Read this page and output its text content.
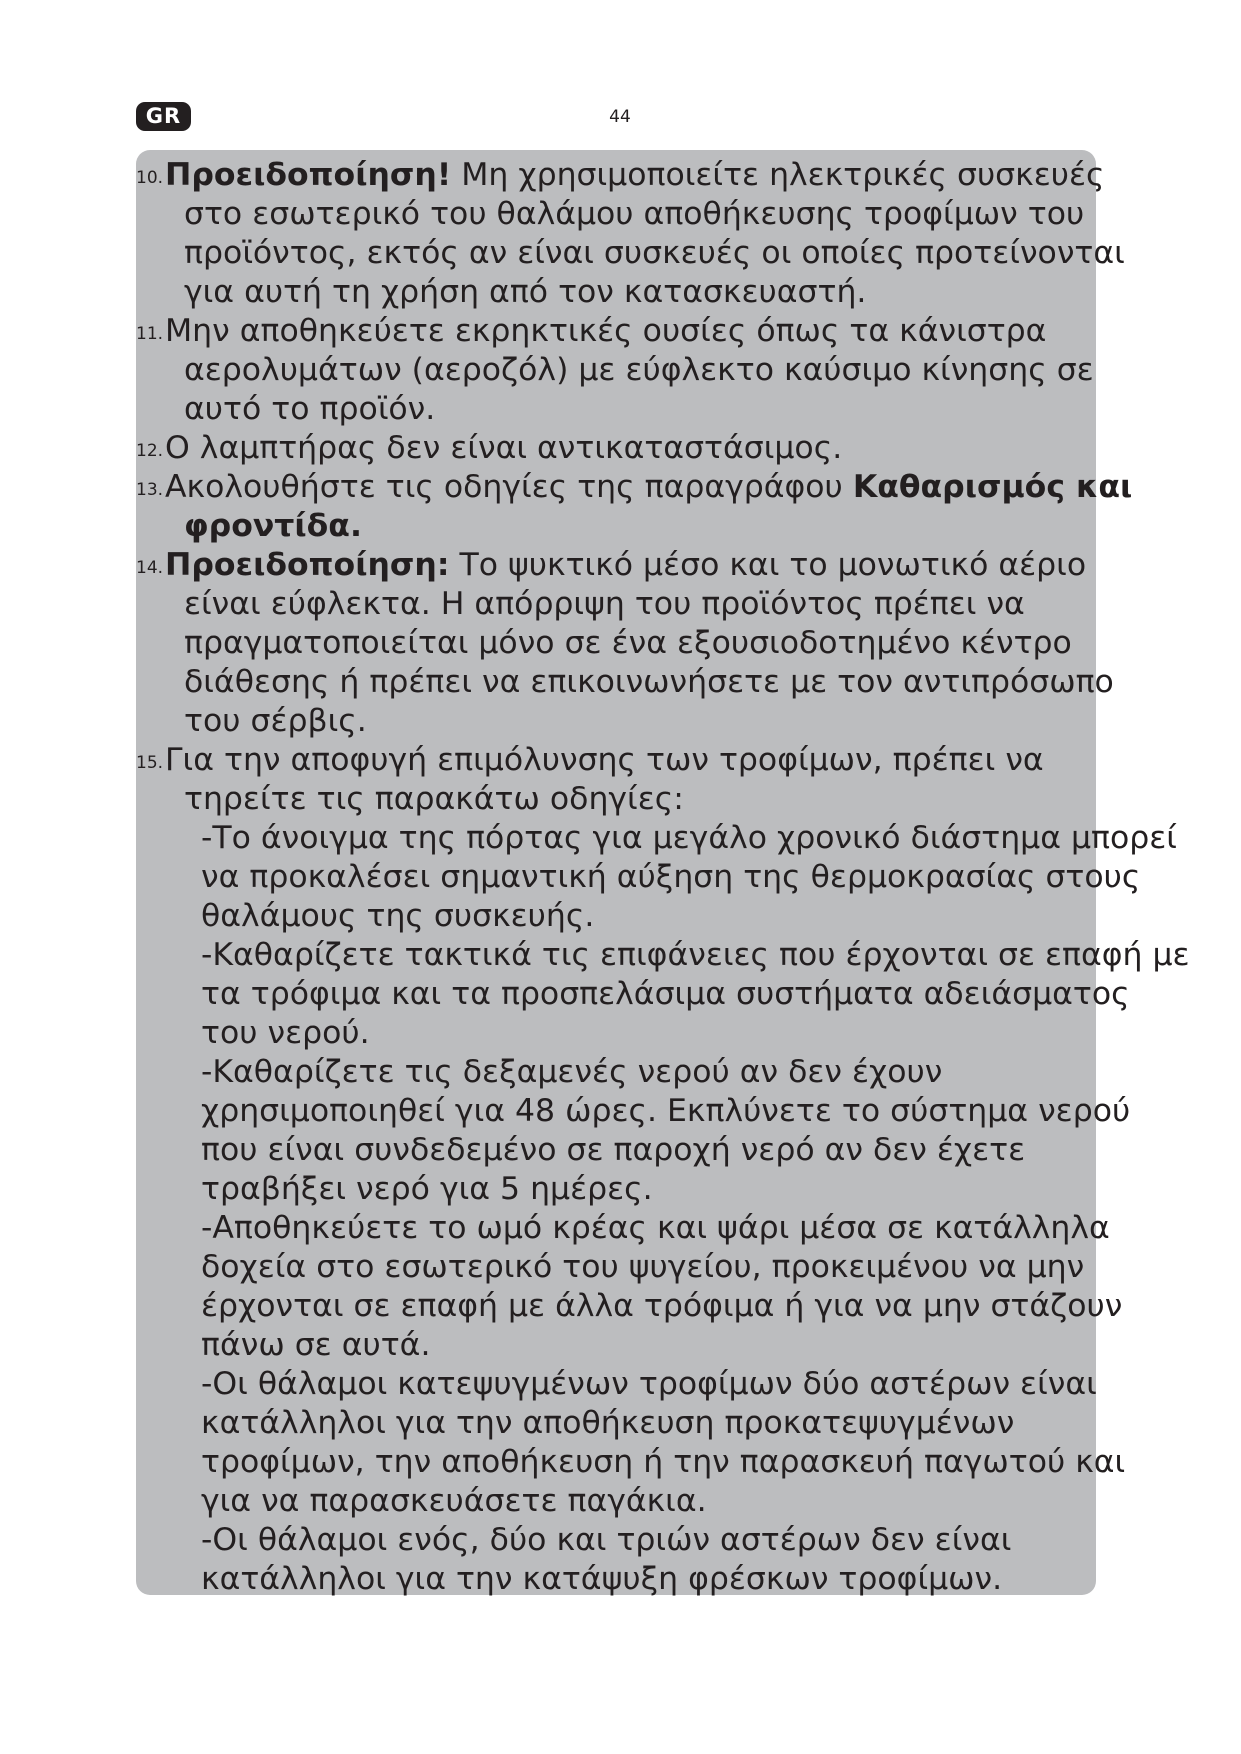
GR	44
10. Προειδοποίηση! Μη χρησιμοποιείτε ηλεκτρικές συσκευές
στο εσωτερικό του θαλάμου αποθήκευσης τροφίμων του
προϊόντος, εκτός αν είναι συσκευές οι οποίες προτείνονται
για αυτή τη χρήση από τον κατασκευαστή.
11. Μην αποθηκεύετε εκρηκτικές ουσίες όπως τα κάνιστρα
αερολυμάτων (αεροζόλ) με εύφλεκτο καύσιμο κίνησης σε
αυτό το προϊόν.
12. Ο λαμπτήρας δεν είναι αντικαταστάσιμος.
13. Ακολουθήστε τις οδηγίες της παραγράφου Καθαρισμός και
φροντίδα.
14. Προειδοποίηση: Το ψυκτικό μέσο και το μονωτικό αέριο
είναι εύφλεκτα. Η απόρριψη του προϊόντος πρέπει να
πραγματοποιείται μόνο σε ένα εξουσιοδοτημένο κέντρο
διάθεσης ή πρέπει να επικοινωνήσετε με τον αντιπρόσωπο
του σέρβις.
15. Για την αποφυγή επιμόλυνσης των τροφίμων, πρέπει να
τηρείτε τις παρακάτω οδηγίες:
-Το άνοιγμα της πόρτας για μεγάλο χρονικό διάστημα μπορεί
να προκαλέσει σημαντική αύξηση της θερμοκρασίας στους
θαλάμους της συσκευής.
-Καθαρίζετε τακτικά τις επιφάνειες που έρχονται σε επαφή με
τα τρόφιμα και τα προσπελάσιμα συστήματα αδειάσματος
του νερού.
-Καθαρίζετε τις δεξαμενές νερού αν δεν έχουν
χρησιμοποιηθεί για 48 ώρες. Εκπλύνετε το σύστημα νερού
που είναι συνδεδεμένο σε παροχή νερό αν δεν έχετε
τραβήξει νερό για 5 ημέρες.
-Αποθηκεύετε το ωμό κρέας και ψάρι μέσα σε κατάλληλα
δοχεία στο εσωτερικό του ψυγείου, προκειμένου να μην
έρχονται σε επαφή με άλλα τρόφιμα ή για να μην στάζουν
πάνω σε αυτά.
-Οι θάλαμοι κατεψυγμένων τροφίμων δύο αστέρων είναι
κατάλληλοι για την αποθήκευση προκατεψυγμένων
τροφίμων, την αποθήκευση ή την παρασκευή παγωτού και
για να παρασκευάσετε παγάκια.
-Οι θάλαμοι ενός, δύο και τριών αστέρων δεν είναι
κατάλληλοι για την κατάψυξη φρέσκων τροφίμων.
